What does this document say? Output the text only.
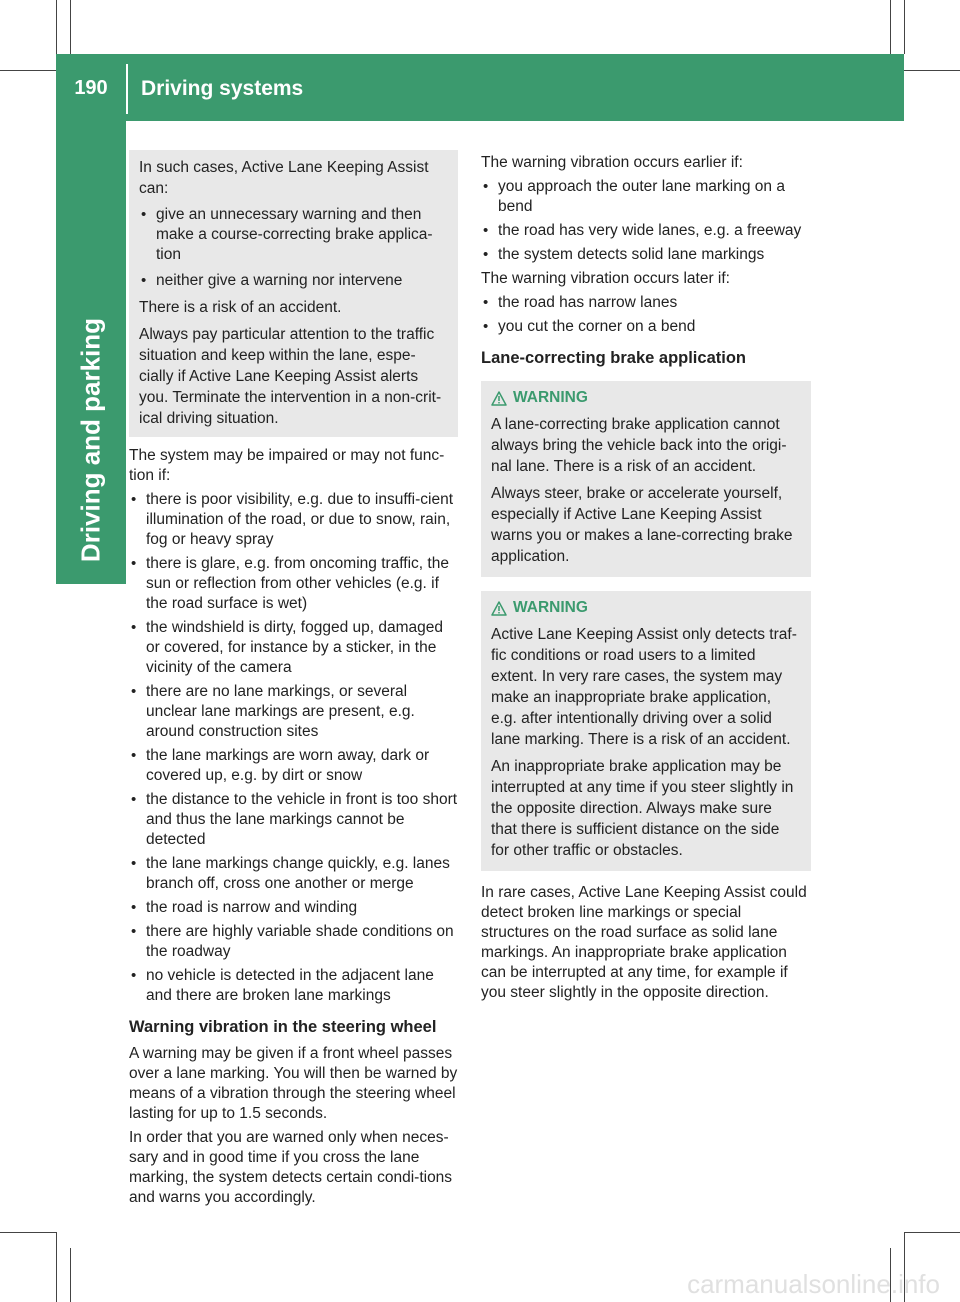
190	Driving systems
Driving and parking

In such cases, Active Lane Keeping Assist can:

• give an unnecessary warning and then make a course-correcting brake applica-tion
• neither give a warning nor intervene

There is a risk of an accident.

Always pay particular attention to the traffic situation and keep within the lane, espe-cially if Active Lane Keeping Assist alerts you. Terminate the intervention in a non-crit-ical driving situation.

The system may be impaired or may not func-tion if:

• there is poor visibility, e.g. due to insuffi-cient illumination of the road, or due to snow, rain, fog or heavy spray
• there is glare, e.g. from oncoming traffic, the sun or reflection from other vehicles (e.g. if the road surface is wet)
• the windshield is dirty, fogged up, damaged or covered, for instance by a sticker, in the vicinity of the camera
• there are no lane markings, or several unclear lane markings are present, e.g. around construction sites
• the lane markings are worn away, dark or covered up, e.g. by dirt or snow
• the distance to the vehicle in front is too short and thus the lane markings cannot be detected
• the lane markings change quickly, e.g. lanes branch off, cross one another or merge
• the road is narrow and winding
• there are highly variable shade conditions on the roadway
• no vehicle is detected in the adjacent lane and there are broken lane markings
Warning vibration in the steering wheel

A warning may be given if a front wheel passes over a lane marking. You will then be warned by means of a vibration through the steering wheel lasting for up to 1.5 seconds.

In order that you are warned only when neces-sary and in good time if you cross the lane marking, the system detects certain condi-tions and warns you accordingly.

The warning vibration occurs earlier if:

• you approach the outer lane marking on a bend
• the road has very wide lanes, e.g. a freeway
• the system detects solid lane markings

The warning vibration occurs later if:

• the road has narrow lanes
• you cut the corner on a bend
Lane-correcting brake application
WARNING

A lane-correcting brake application cannot always bring the vehicle back into the origi-nal lane. There is a risk of an accident.

Always steer, brake or accelerate yourself, especially if Active Lane Keeping Assist warns you or makes a lane-correcting brake application.

WARNING

Active Lane Keeping Assist only detects traf-fic conditions or road users to a limited extent. In very rare cases, the system may make an inappropriate brake application, e.g. after intentionally driving over a solid lane marking. There is a risk of an accident.

An inappropriate brake application may be interrupted at any time if you steer slightly in the opposite direction. Always make sure that there is sufficient distance on the side for other traffic or obstacles.

In rare cases, Active Lane Keeping Assist could detect broken line markings or special structures on the road surface as solid lane markings. An inappropriate brake application can be interrupted at any time, for example if you steer slightly in the opposite direction.

carmanualsonline.info
